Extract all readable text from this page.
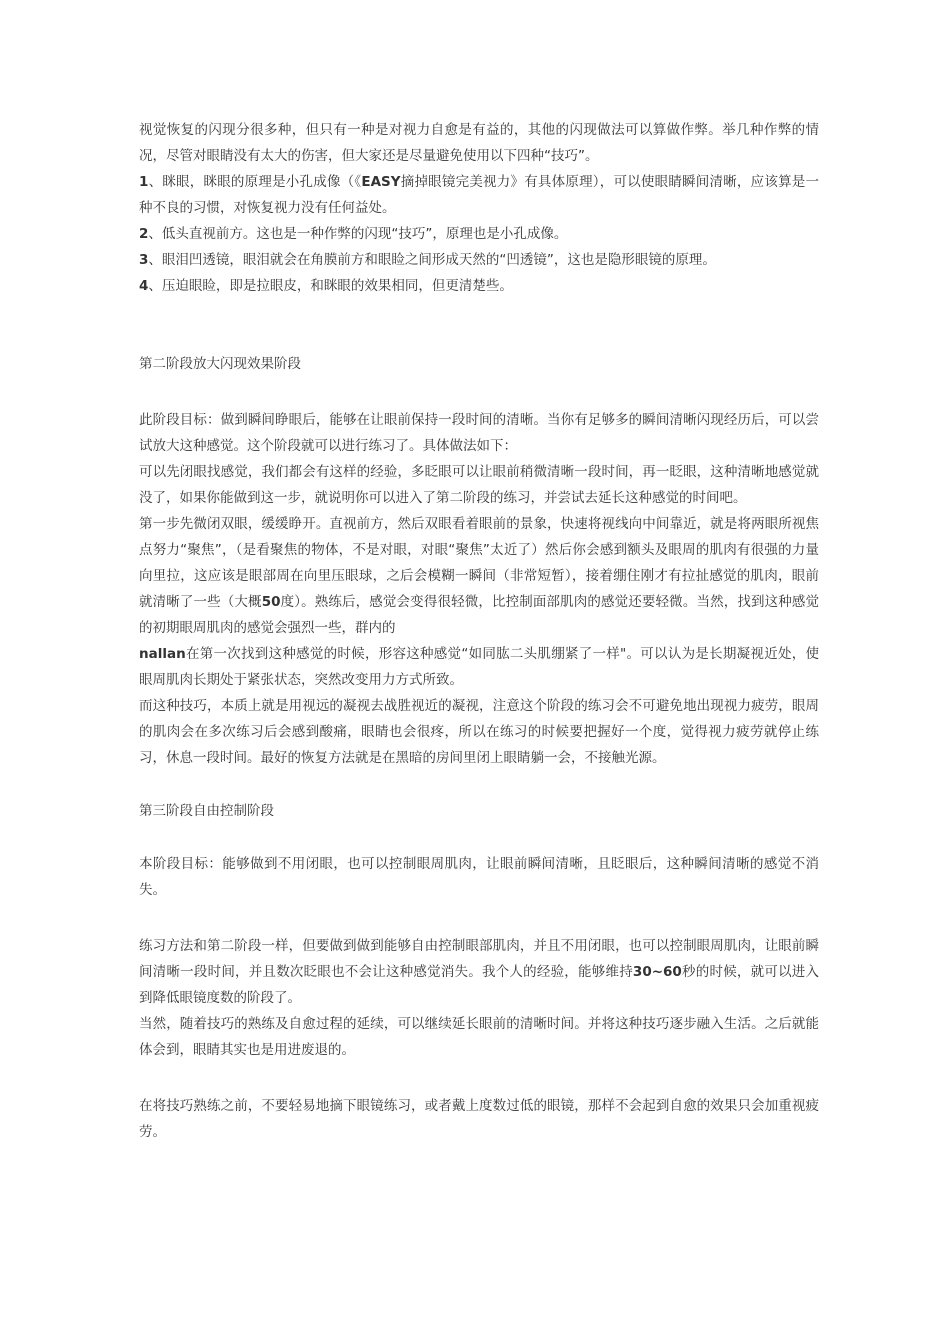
视觉恢复的闪现分很多种，但只有一种是对视力自愈是有益的，其他的闪现做法可以算做作弊。举几种作弊的情况，尽管对眼睛没有太大的伤害，但大家还是尽量避免使用以下四种“技巧”。

1、眯眼，眯眼的原理是小孔成像（《EASY摘掉眼镜完美视力》有具体原理），可以使眼睛瞬间清晰，应该算是一种不良的习惯，对恢复视力没有任何益处。

2、低头直视前方。这也是一种作弊的闪现“技巧”，原理也是小孔成像。

3、眼泪凹透镜，眼泪就会在角膜前方和眼睑之间形成天然的“凹透镜”，这也是隐形眼镜的原理。

4、压迫眼睑，即是拉眼皮，和眯眼的效果相同，但更清楚些。

第二阶段放大闪现效果阶段

此阶段目标：做到瞬间睁眼后，能够在让眼前保持一段时间的清晰。当你有足够多的瞬间清晰闪现经历后，可以尝试放大这种感觉。这个阶段就可以进行练习了。具体做法如下：

可以先闭眼找感觉，我们都会有这样的经验，多眨眼可以让眼前稍微清晰一段时间，再一眨眼，这种清晰地感觉就没了，如果你能做到这一步，就说明你可以进入了第二阶段的练习，并尝试去延长这种感觉的时间吧。

第一步先微闭双眼，缓缓睁开。直视前方，然后双眼看着眼前的景象，快速将视线向中间靠近，就是将两眼所视焦点努力“聚焦”，（是看聚焦的物体，不是对眼，对眼“聚焦”太近了）然后你会感到额头及眼周的肌肉有很强的力量向里拉，这应该是眼部周在向里压眼球，之后会模糊一瞬间（非常短暂），接着绷住刚才有拉扯感觉的肌肉，眼前就清晰了一些（大概50度）。熟练后，感觉会变得很轻微，比控制面部肌肉的感觉还要轻微。当然，找到这种感觉的初期眼周肌肉的感觉会强烈一些，群内的
nallan在第一次找到这种感觉的时候，形容这种感觉“如同肱二头肌绷紧了一样"。可以认为是长期凝视近处，使眼周肌肉长期处于紧张状态，突然改变用力方式所致。

而这种技巧，本质上就是用视远的凝视去战胜视近的凝视，注意这个阶段的练习会不可避免地出现视力疲劳，眼周的肌肉会在多次练习后会感到酸痛，眼睛也会很疼，所以在练习的时候要把握好一个度，觉得视力疲劳就停止练习，休息一段时间。最好的恢复方法就是在黑暗的房间里闭上眼睛躺一会，不接触光源。

第三阶段自由控制阶段

本阶段目标：能够做到不用闭眼，也可以控制眼周肌肉，让眼前瞬间清晰，且眨眼后，这种瞬间清晰的感觉不消失。

练习方法和第二阶段一样，但要做到做到能够自由控制眼部肌肉，并且不用闭眼，也可以控制眼周肌肉，让眼前瞬间清晰一段时间，并且数次眨眼也不会让这种感觉消失。我个人的经验，能够维持30~60秒的时候，就可以进入到降低眼镜度数的阶段了。

当然，随着技巧的熟练及自愈过程的延续，可以继续延长眼前的清晰时间。并将这种技巧逐步融入生活。之后就能体会到，眼睛其实也是用进废退的。

在将技巧熟练之前，不要轻易地摘下眼镜练习，或者戴上度数过低的眼镜，那样不会起到自愈的效果只会加重视疲劳。
